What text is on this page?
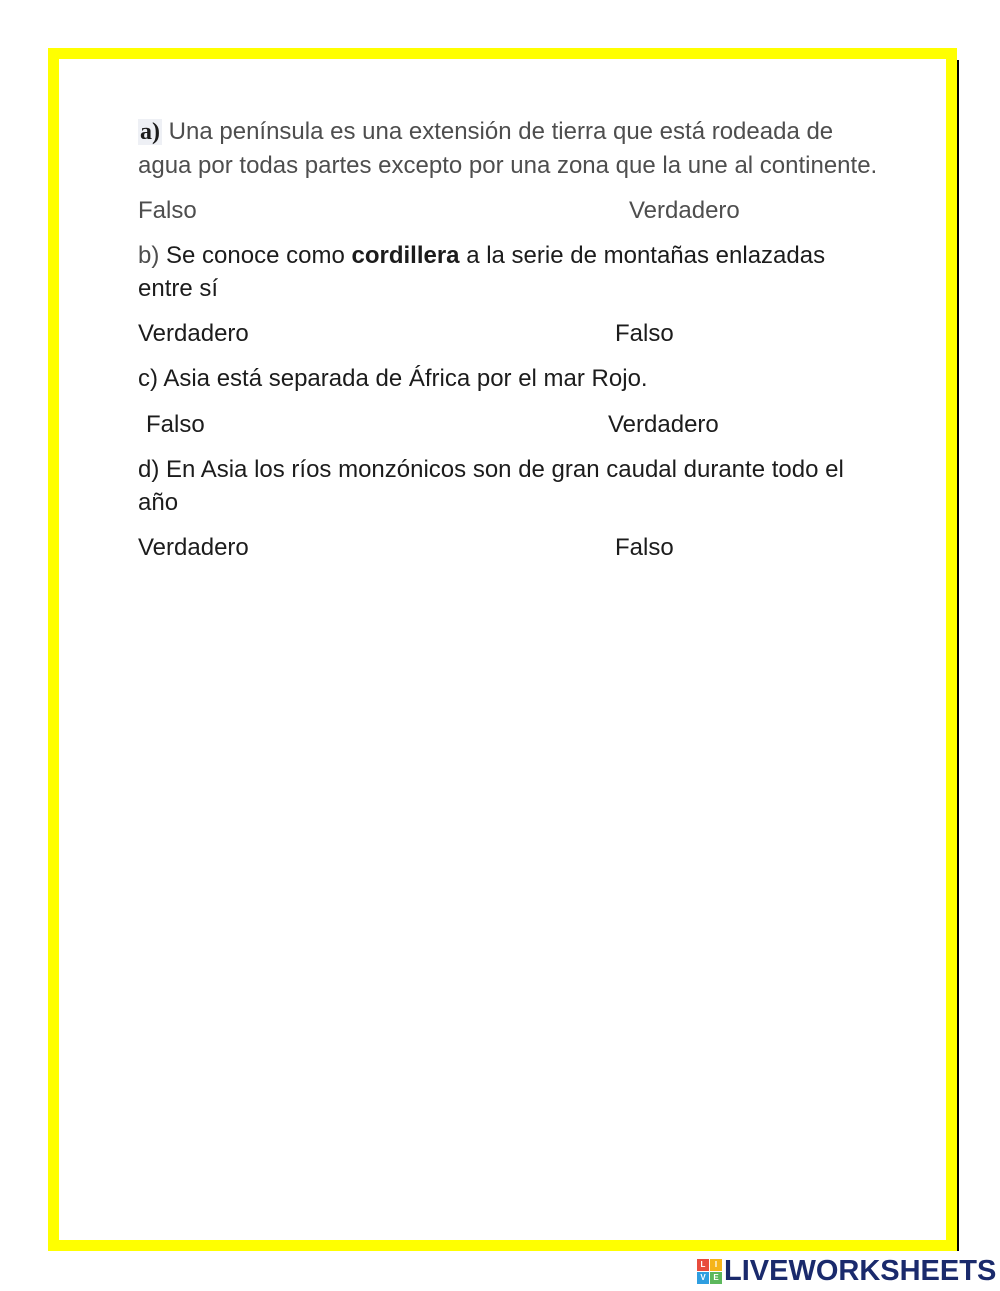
a) Una península es una extensión de tierra que está rodeada de agua por todas partes excepto por una zona que la une al continente.

Falso	Verdadero

b) Se conoce como cordillera a la serie de montañas enlazadas entre sí

Verdadero	Falso

c) Asia está separada de África por el mar Rojo.

Falso	Verdadero

d) En Asia los ríos monzónicos son de gran caudal durante todo el año

Verdadero	Falso
L	I
V E LIVEWORKSHEETS
